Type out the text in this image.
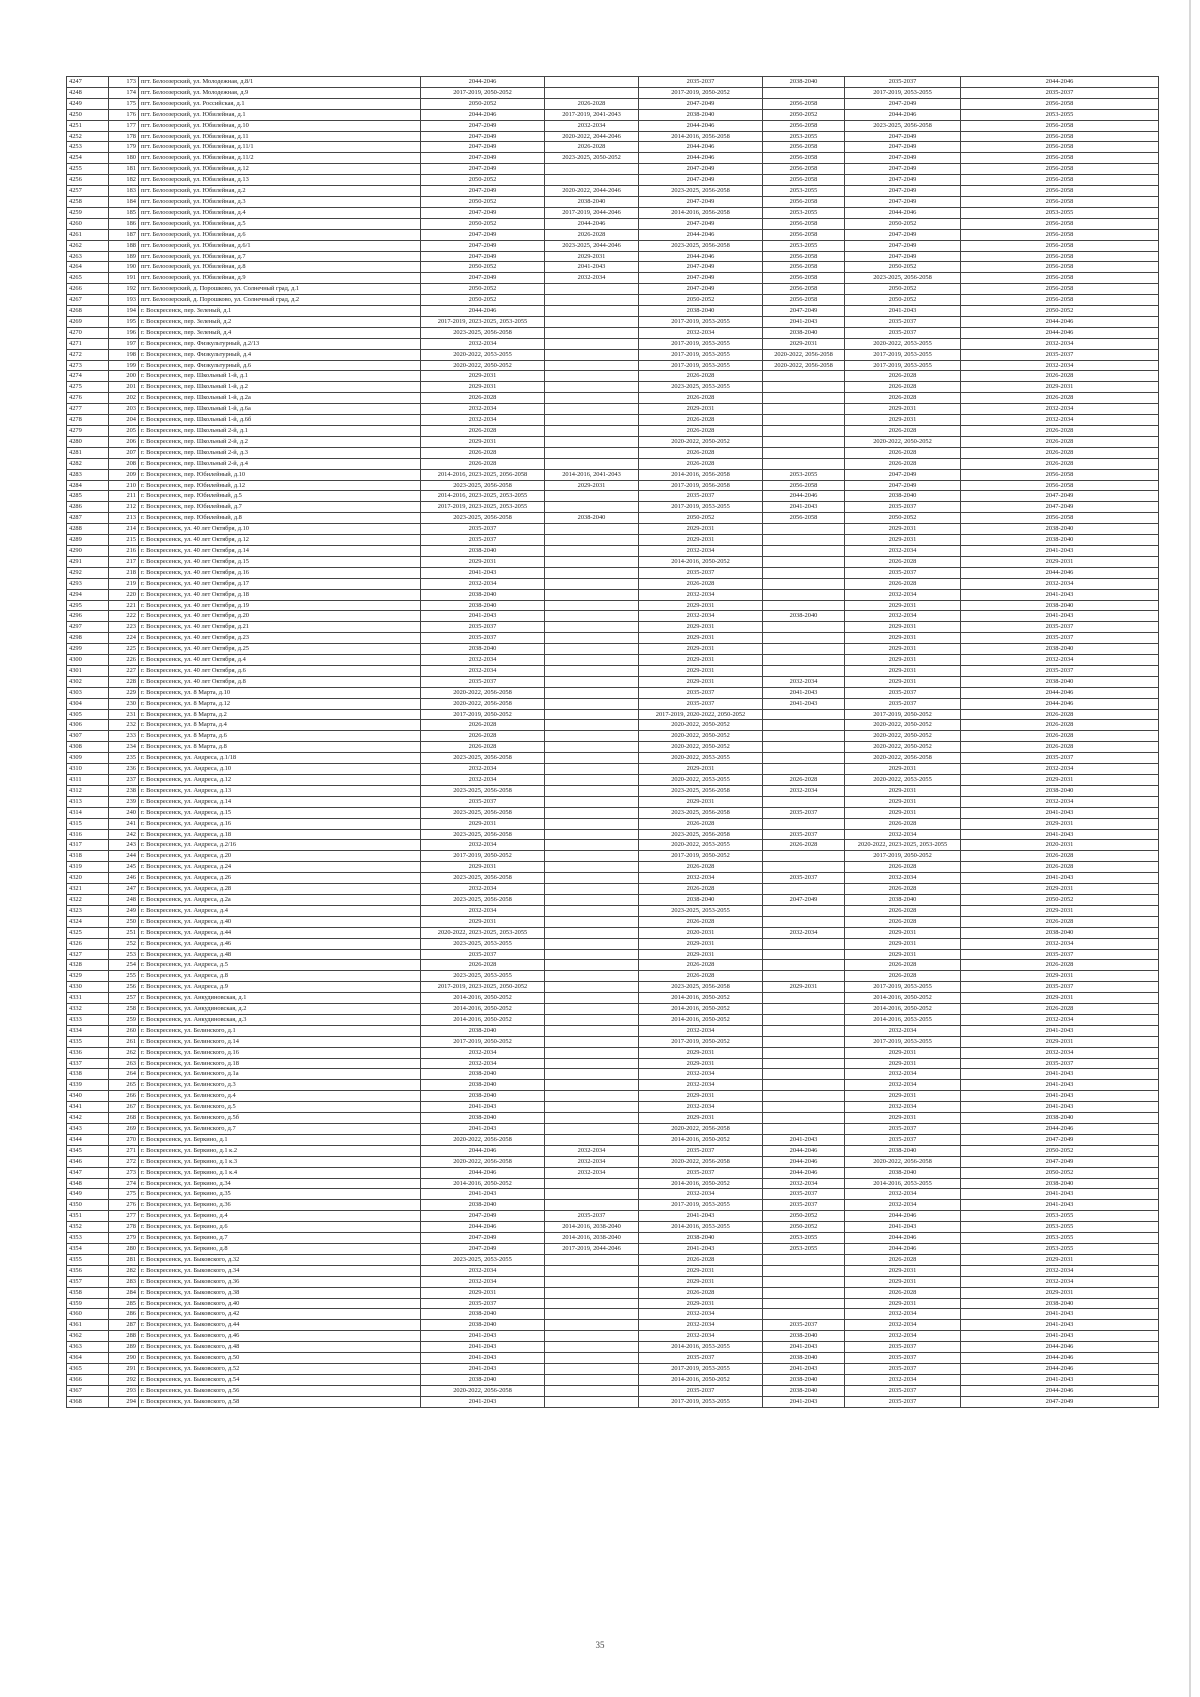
4247	173	пгт. Белоозерский, ул. Молодежная, д.8/1	2044-2046		2035-2037	2038-2040	2035-2037	2044-2046
4248	174	пгт. Белоозерский, ул. Молодежная, д.9	2017-2019, 2050-2052		2017-2019, 2050-2052		2017-2019, 2053-2055	2035-2037
4249	175	пгт. Белоозерский, ул. Российская, д.1	2050-2052	2026-2028	2047-2049	2056-2058	2047-2049	2056-2058
4250	176	пгт. Белоозерский, ул. Юбилейная, д.1	2044-2046	2017-2019, 2041-2043	2038-2040	2050-2052	2044-2046	2053-2055
4251	177	пгт. Белоозерский, ул. Юбилейная, д.10	2047-2049	2032-2034	2044-2046	2056-2058	2023-2025, 2056-2058	2056-2058
4252	178	пгт. Белоозерский, ул. Юбилейная, д.11	2047-2049	2020-2022, 2044-2046	2014-2016, 2056-2058	2053-2055	2047-2049	2056-2058
4253	179	пгт. Белоозерский, ул. Юбилейная, д.11/1	2047-2049	2026-2028	2044-2046	2056-2058	2047-2049	2056-2058
4254	180	пгт. Белоозерский, ул. Юбилейная, д.11/2	2047-2049	2023-2025, 2050-2052	2044-2046	2056-2058	2047-2049	2056-2058
4255	181	пгт. Белоозерский, ул. Юбилейная, д.12	2047-2049		2047-2049	2056-2058	2047-2049	2056-2058
4256	182	пгт. Белоозерский, ул. Юбилейная, д.13	2050-2052		2047-2049	2056-2058	2047-2049	2056-2058
4257	183	пгт. Белоозерский, ул. Юбилейная, д.2	2047-2049	2020-2022, 2044-2046	2023-2025, 2056-2058	2053-2055	2047-2049	2056-2058
4258	184	пгт. Белоозерский, ул. Юбилейная, д.3	2050-2052	2038-2040	2047-2049	2056-2058	2047-2049	2056-2058
4259	185	пгт. Белоозерский, ул. Юбилейная, д.4	2047-2049	2017-2019, 2044-2046	2014-2016, 2056-2058	2053-2055	2044-2046	2053-2055
4260	186	пгт. Белоозерский, ул. Юбилейная, д.5	2050-2052	2044-2046	2047-2049	2056-2058	2050-2052	2056-2058
4261	187	пгт. Белоозерский, ул. Юбилейная, д.6	2047-2049	2026-2028	2044-2046	2056-2058	2047-2049	2056-2058
4262	188	пгт. Белоозерский, ул. Юбилейная, д.6/1	2047-2049	2023-2025, 2044-2046	2023-2025, 2056-2058	2053-2055	2047-2049	2056-2058
4263	189	пгт. Белоозерский, ул. Юбилейная, д.7	2047-2049	2029-2031	2044-2046	2056-2058	2047-2049	2056-2058
4264	190	пгт. Белоозерский, ул. Юбилейная, д.8	2050-2052	2041-2043	2047-2049	2056-2058	2050-2052	2056-2058
4265	191	пгт. Белоозерский, ул. Юбилейная, д.9	2047-2049	2032-2034	2047-2049	2056-2058	2023-2025, 2056-2058	2056-2058
4266	192	пгт. Белоозерский, д. Порошково, ул. Солнечный град, д.1	2050-2052		2047-2049	2056-2058	2050-2052	2056-2058
4267	193	пгт. Белоозерский, д. Порошково, ул. Солнечный град, д.2	2050-2052		2050-2052	2056-2058	2050-2052	2056-2058
4268	194	г. Воскресенск, пер. Зеленый, д.1	2044-2046		2038-2040	2047-2049	2041-2043	2050-2052
4269	195	г. Воскресенск, пер. Зеленый, д.2	2017-2019, 2023-2025, 2053-2055		2017-2019, 2053-2055	2041-2043	2035-2037	2044-2046
4270	196	г. Воскресенск, пер. Зеленый, д.4	2023-2025, 2056-2058		2032-2034	2038-2040	2035-2037	2044-2046
4271	197	г. Воскресенск, пер. Физкультурный, д.2/13	2032-2034		2017-2019, 2053-2055	2029-2031	2020-2022, 2053-2055	2032-2034
4272	198	г. Воскресенск, пер. Физкультурный, д.4	2020-2022, 2053-2055		2017-2019, 2053-2055	2020-2022, 2056-2058	2017-2019, 2053-2055	2035-2037
4273	199	г. Воскресенск, пер. Физкультурный, д.6	2020-2022, 2050-2052		2017-2019, 2053-2055	2020-2022, 2056-2058	2017-2019, 2053-2055	2032-2034
4274	200	г. Воскресенск, пер. Школьный 1-й, д.1	2029-2031		2026-2028		2026-2028	2026-2028
4275	201	г. Воскресенск, пер. Школьный 1-й, д.2	2029-2031		2023-2025, 2053-2055		2026-2028	2029-2031
4276	202	г. Воскресенск, пер. Школьный 1-й, д.2а	2026-2028		2026-2028		2026-2028	2026-2028
4277	203	г. Воскресенск, пер. Школьный 1-й, д.6а	2032-2034		2029-2031		2029-2031	2032-2034
4278	204	г. Воскресенск, пер. Школьный 1-й, д.6б	2032-2034		2026-2028		2029-2031	2032-2034
4279	205	г. Воскресенск, пер. Школьный 2-й, д.1	2026-2028		2026-2028		2026-2028	2026-2028
4280	206	г. Воскресенск, пер. Школьный 2-й, д.2	2029-2031		2020-2022, 2050-2052		2020-2022, 2050-2052	2026-2028
4281	207	г. Воскресенск, пер. Школьный 2-й, д.3	2026-2028		2026-2028		2026-2028	2026-2028
4282	208	г. Воскресенск, пер. Школьный 2-й, д.4	2026-2028		2026-2028		2026-2028	2026-2028
4283	209	г. Воскресенск, пер. Юбилейный, д.10	2014-2016, 2023-2025, 2056-2058	2014-2016, 2041-2043	2014-2016, 2056-2058	2053-2055	2047-2049	2056-2058
4284	210	г. Воскресенск, пер. Юбилейный, д.12	2023-2025, 2056-2058	2029-2031	2017-2019, 2056-2058	2056-2058	2047-2049	2056-2058
4285	211	г. Воскресенск, пер. Юбилейный, д.5	2014-2016, 2023-2025, 2053-2055		2035-2037	2044-2046	2038-2040	2047-2049
4286	212	г. Воскресенск, пер. Юбилейный, д.7	2017-2019, 2023-2025, 2053-2055		2017-2019, 2053-2055	2041-2043	2035-2037	2047-2049
4287	213	г. Воскресенск, пер. Юбилейный, д.8	2023-2025, 2056-2058	2038-2040	2050-2052	2056-2058	2050-2052	2056-2058
4288	214	г. Воскресенск, ул. 40 лет Октября, д.10	2035-2037		2029-2031		2029-2031	2038-2040
4289	215	г. Воскресенск, ул. 40 лет Октября, д.12	2035-2037		2029-2031		2029-2031	2038-2040
4290	216	г. Воскресенск, ул. 40 лет Октября, д.14	2038-2040		2032-2034		2032-2034	2041-2043
4291	217	г. Воскресенск, ул. 40 лет Октября, д.15	2029-2031		2014-2016, 2050-2052		2026-2028	2029-2031
4292	218	г. Воскресенск, ул. 40 лет Октября, д.16	2041-2043		2035-2037		2035-2037	2044-2046
4293	219	г. Воскресенск, ул. 40 лет Октября, д.17	2032-2034		2026-2028		2026-2028	2032-2034
4294	220	г. Воскресенск, ул. 40 лет Октября, д.18	2038-2040		2032-2034		2032-2034	2041-2043
4295	221	г. Воскресенск, ул. 40 лет Октября, д.19	2038-2040		2029-2031		2029-2031	2038-2040
4296	222	г. Воскресенск, ул. 40 лет Октября, д.20	2041-2043		2032-2034	2038-2040	2032-2034	2041-2043
4297	223	г. Воскресенск, ул. 40 лет Октября, д.21	2035-2037		2029-2031		2029-2031	2035-2037
4298	224	г. Воскресенск, ул. 40 лет Октября, д.23	2035-2037		2029-2031		2029-2031	2035-2037
4299	225	г. Воскресенск, ул. 40 лет Октября, д.25	2038-2040		2029-2031		2029-2031	2038-2040
4300	226	г. Воскресенск, ул. 40 лет Октября, д.4	2032-2034		2029-2031		2029-2031	2032-2034
4301	227	г. Воскресенск, ул. 40 лет Октября, д.6	2032-2034		2029-2031		2029-2031	2035-2037
4302	228	г. Воскресенск, ул. 40 лет Октября, д.8	2035-2037		2029-2031	2032-2034	2029-2031	2038-2040
4303	229	г. Воскресенск, ул. 8 Марта, д.10	2020-2022, 2056-2058		2035-2037	2041-2043	2035-2037	2044-2046
4304	230	г. Воскресенск, ул. 8 Марта, д.12	2020-2022, 2056-2058		2035-2037	2041-2043	2035-2037	2044-2046
4305	231	г. Воскресенск, ул. 8 Марта, д.2	2017-2019, 2050-2052		2017-2019, 2020-2022, 2050-2052		2017-2019, 2050-2052	2026-2028
4306	232	г. Воскресенск, ул. 8 Марта, д.4	2026-2028		2020-2022, 2050-2052		2020-2022, 2050-2052	2026-2028
4307	233	г. Воскресенск, ул. 8 Марта, д.6	2026-2028		2020-2022, 2050-2052		2020-2022, 2050-2052	2026-2028
4308	234	г. Воскресенск, ул. 8 Марта, д.8	2026-2028		2020-2022, 2050-2052		2020-2022, 2050-2052	2026-2028
4309	235	г. Воскресенск, ул. Андреса, д.1/18	2023-2025, 2056-2058		2020-2022, 2053-2055		2020-2022, 2056-2058	2035-2037
4310	236	г. Воскресенск, ул. Андреса, д.10	2032-2034		2029-2031		2029-2031	2032-2034
4311	237	г. Воскресенск, ул. Андреса, д.12	2032-2034		2020-2022, 2053-2055	2026-2028	2020-2022, 2053-2055	2029-2031
4312	238	г. Воскресенск, ул. Андреса, д.13	2023-2025, 2056-2058		2023-2025, 2056-2058	2032-2034	2029-2031	2038-2040
4313	239	г. Воскресенск, ул. Андреса, д.14	2035-2037		2029-2031		2029-2031	2032-2034
4314	240	г. Воскресенск, ул. Андреса, д.15	2023-2025, 2056-2058		2023-2025, 2056-2058	2035-2037	2029-2031	2041-2043
4315	241	г. Воскресенск, ул. Андреса, д.16	2029-2031		2026-2028		2026-2028	2029-2031
4316	242	г. Воскресенск, ул. Андреса, д.18	2023-2025, 2056-2058		2023-2025, 2056-2058	2035-2037	2032-2034	2041-2043
4317	243	г. Воскресенск, ул. Андреса, д.2/16	2032-2034		2020-2022, 2053-2055	2026-2028	2020-2022, 2023-2025, 2053-2055	2020-2031
4318	244	г. Воскресенск, ул. Андреса, д.20	2017-2019, 2050-2052		2017-2019, 2050-2052		2017-2019, 2050-2052	2026-2028
4319	245	г. Воскресенск, ул. Андреса, д.24	2029-2031		2026-2028		2026-2028	2026-2028
4320	246	г. Воскресенск, ул. Андреса, д.26	2023-2025, 2056-2058		2032-2034	2035-2037	2032-2034	2041-2043
4321	247	г. Воскресенск, ул. Андреса, д.28	2032-2034		2026-2028		2026-2028	2029-2031
4322	248	г. Воскресенск, ул. Андреса, д.2а	2023-2025, 2056-2058		2038-2040	2047-2049	2038-2040	2050-2052
4323	249	г. Воскресенск, ул. Андреса, д.4	2032-2034		2023-2025, 2053-2055		2026-2028	2029-2031
4324	250	г. Воскресенск, ул. Андреса, д.40	2029-2031		2026-2028		2026-2028	2026-2028
4325	251	г. Воскресенск, ул. Андреса, д.44	2020-2022, 2023-2025, 2053-2055		2020-2031	2032-2034	2029-2031	2038-2040
4326	252	г. Воскресенск, ул. Андреса, д.46	2023-2025, 2053-2055		2029-2031		2029-2031	2032-2034
4327	253	г. Воскресенск, ул. Андреса, д.48	2035-2037		2029-2031		2029-2031	2035-2037
4328	254	г. Воскресенск, ул. Андреса, д.5	2026-2028		2026-2028		2026-2028	2026-2028
4329	255	г. Воскресенск, ул. Андреса, д.8	2023-2025, 2053-2055		2026-2028		2026-2028	2029-2031
4330	256	г. Воскресенск, ул. Андреса, д.9	2017-2019, 2023-2025, 2050-2052		2023-2025, 2056-2058	2029-2031	2017-2019, 2053-2055	2035-2037
4331	257	г. Воскресенск, ул. Анкудиновская, д.1	2014-2016, 2050-2052		2014-2016, 2050-2052		2014-2016, 2050-2052	2029-2031
4332	258	г. Воскресенск, ул. Анкудиновская, д.2	2014-2016, 2050-2052		2014-2016, 2050-2052		2014-2016, 2050-2052	2026-2028
4333	259	г. Воскресенск, ул. Анкудиновская, д.3	2014-2016, 2050-2052		2014-2016, 2050-2052		2014-2016, 2053-2055	2032-2034
4334	260	г. Воскресенск, ул. Белинского, д.1	2038-2040		2032-2034		2032-2034	2041-2043
4335	261	г. Воскресенск, ул. Белинского, д.14	2017-2019, 2050-2052		2017-2019, 2050-2052		2017-2019, 2053-2055	2029-2031
4336	262	г. Воскресенск, ул. Белинского, д.16	2032-2034		2029-2031		2029-2031	2032-2034
4337	263	г. Воскресенск, ул. Белинского, д.18	2032-2034		2029-2031		2029-2031	2035-2037
4338	264	г. Воскресенск, ул. Белинского, д.1а	2038-2040		2032-2034		2032-2034	2041-2043
4339	265	г. Воскресенск, ул. Белинского, д.3	2038-2040		2032-2034		2032-2034	2041-2043
4340	266	г. Воскресенск, ул. Белинского, д.4	2038-2040		2029-2031		2029-2031	2041-2043
4341	267	г. Воскресенск, ул. Белинского, д.5	2041-2043		2032-2034		2032-2034	2041-2043
4342	268	г. Воскресенск, ул. Белинского, д.5б	2038-2040		2029-2031		2029-2031	2038-2040
4343	269	г. Воскресенск, ул. Белинского, д.7	2041-2043		2020-2022, 2056-2058		2035-2037	2044-2046
4344	270	г. Воскресенск, ул. Беркино, д.1	2020-2022, 2056-2058		2014-2016, 2050-2052	2041-2043	2035-2037	2047-2049
4345	271	г. Воскресенск, ул. Беркино, д.1 к.2	2044-2046	2032-2034	2035-2037	2044-2046	2038-2040	2050-2052
4346	272	г. Воскресенск, ул. Беркино, д.1 к.3	2020-2022, 2056-2058	2032-2034	2020-2022, 2056-2058	2044-2046	2020-2022, 2056-2058	2047-2049
4347	273	г. Воскресенск, ул. Беркино, д.1 к.4	2044-2046	2032-2034	2035-2037	2044-2046	2038-2040	2050-2052
4348	274	г. Воскресенск, ул. Беркино, д.34	2014-2016, 2050-2052		2014-2016, 2050-2052	2032-2034	2014-2016, 2053-2055	2038-2040
4349	275	г. Воскресенск, ул. Беркино, д.35	2041-2043		2032-2034	2035-2037	2032-2034	2041-2043
4350	276	г. Воскресенск, ул. Беркино, д.36	2038-2040		2017-2019, 2053-2055	2035-2037	2032-2034	2041-2043
4351	277	г. Воскресенск, ул. Беркино, д.4	2047-2049	2035-2037	2041-2043	2050-2052	2044-2046	2053-2055
4352	278	г. Воскресенск, ул. Беркино, д.6	2044-2046	2014-2016, 2038-2040	2014-2016, 2053-2055	2050-2052	2041-2043	2053-2055
4353	279	г. Воскресенск, ул. Беркино, д.7	2047-2049	2014-2016, 2038-2040	2038-2040	2053-2055	2044-2046	2053-2055
4354	280	г. Воскресенск, ул. Беркино, д.8	2047-2049	2017-2019, 2044-2046	2041-2043	2053-2055	2044-2046	2053-2055
4355	281	г. Воскресенск, ул. Быковского, д.32	2023-2025, 2053-2055		2026-2028		2026-2028	2029-2031
4356	282	г. Воскресенск, ул. Быковского, д.34	2032-2034		2029-2031		2029-2031	2032-2034
4357	283	г. Воскресенск, ул. Быковского, д.36	2032-2034		2029-2031		2029-2031	2032-2034
4358	284	г. Воскресенск, ул. Быковского, д.38	2029-2031		2026-2028		2026-2028	2029-2031
4359	285	г. Воскресенск, ул. Быковского, д.40	2035-2037		2029-2031		2029-2031	2038-2040
4360	286	г. Воскресенск, ул. Быковского, д.42	2038-2040		2032-2034		2032-2034	2041-2043
4361	287	г. Воскресенск, ул. Быковского, д.44	2038-2040		2032-2034	2035-2037	2032-2034	2041-2043
4362	288	г. Воскресенск, ул. Быковского, д.46	2041-2043		2032-2034	2038-2040	2032-2034	2041-2043
4363	289	г. Воскресенск, ул. Быковского, д.48	2041-2043		2014-2016, 2053-2055	2041-2043	2035-2037	2044-2046
4364	290	г. Воскресенск, ул. Быковского, д.50	2041-2043		2035-2037	2038-2040	2035-2037	2044-2046
4365	291	г. Воскресенск, ул. Быковского, д.52	2041-2043		2017-2019, 2053-2055	2041-2043	2035-2037	2044-2046
4366	292	г. Воскресенск, ул. Быковского, д.54	2038-2040		2014-2016, 2050-2052	2038-2040	2032-2034	2041-2043
4367	293	г. Воскресенск, ул. Быковского, д.56	2020-2022, 2056-2058		2035-2037	2038-2040	2035-2037	2044-2046
4368	294	г. Воскресенск, ул. Быковского, д.58	2041-2043		2017-2019, 2053-2055	2041-2043	2035-2037	2047-2049
35
